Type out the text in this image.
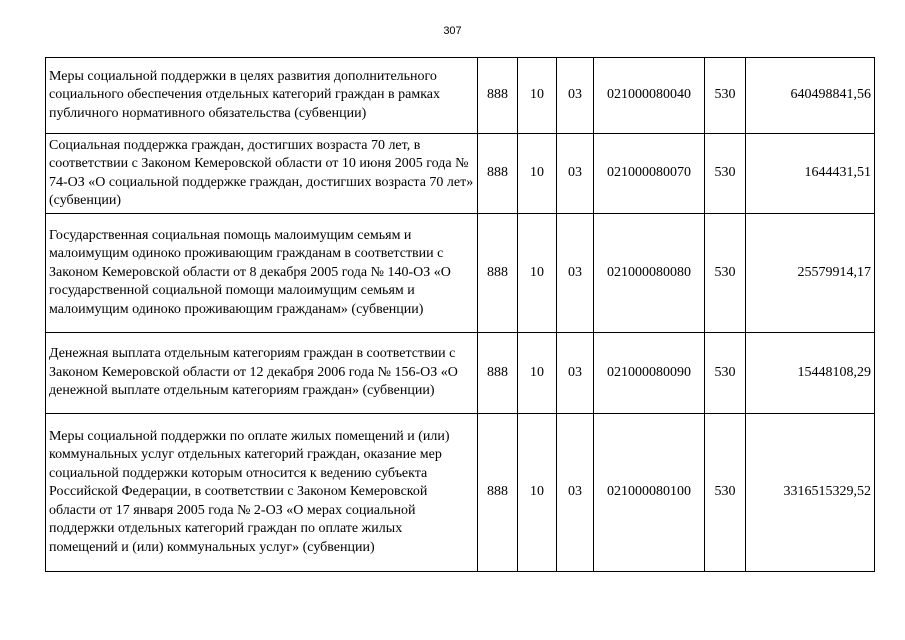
307
Меры социальной поддержки в целях развития дополнительного социального обеспечения отдельных категорий граждан в рамках публичного нормативного обязательства (субвенции)	888	10	03	021000080040	530	640498841,56
Социальная поддержка граждан, достигших возраста 70 лет, в соответствии с Законом Кемеровской области от 10 июня 2005 года № 74-ОЗ «О социальной поддержке граждан, достигших возраста 70 лет» (субвенции)	888	10	03	021000080070	530	1644431,51
Государственная социальная помощь малоимущим семьям и малоимущим одиноко проживающим гражданам в соответствии с Законом Кемеровской области от 8 декабря 2005 года № 140-ОЗ «О государственной социальной помощи малоимущим семьям и малоимущим одиноко проживающим гражданам» (субвенции)	888	10	03	021000080080	530	25579914,17
Денежная выплата отдельным категориям граждан в соответствии с Законом Кемеровской области от 12 декабря 2006 года № 156-ОЗ «О денежной выплате отдельным категориям граждан» (субвенции)	888	10	03	021000080090	530	15448108,29
Меры социальной поддержки по оплате жилых помещений и (или) коммунальных услуг отдельных категорий граждан, оказание мер социальной поддержки которым относится к ведению субъекта Российской Федерации, в соответствии с Законом Кемеровской области от 17 января 2005 года № 2-ОЗ «О мерах социальной поддержки отдельных категорий граждан по оплате жилых помещений и (или) коммунальных услуг» (субвенции)	888	10	03	021000080100	530	3316515329,52
